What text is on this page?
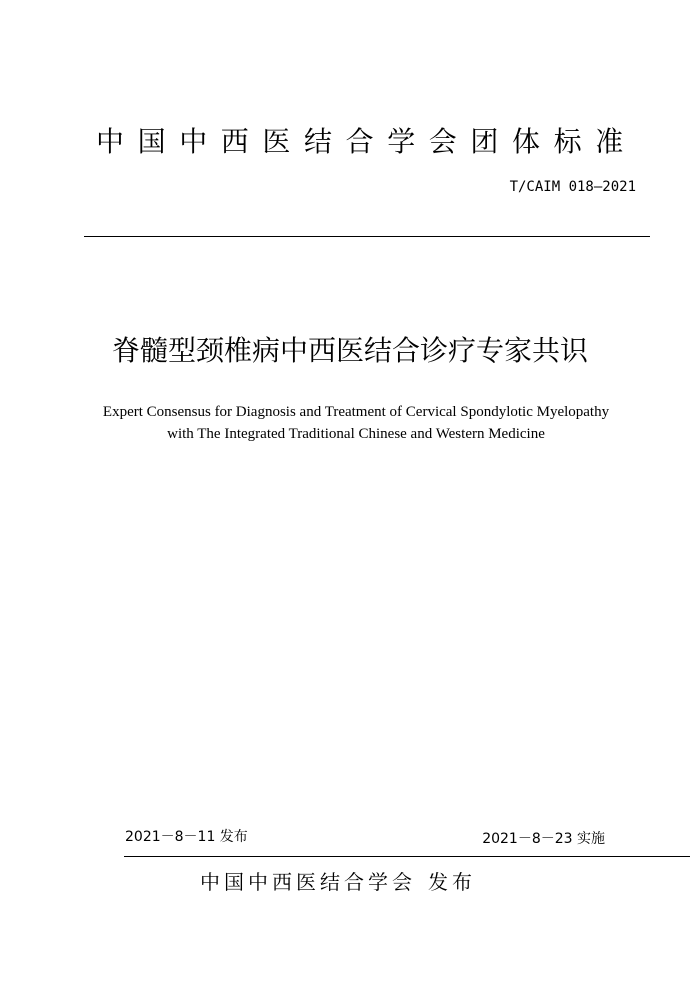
中国中西医结合学会团体标准
T/CAIM 018—2021
脊髓型颈椎病中西医结合诊疗专家共识
Expert Consensus for Diagnosis and Treatment of Cervical Spondylotic Myelopathy
with The Integrated Traditional Chinese and Western Medicine
2021－8－11 发布	2021－8－23 实施
中国中西医结合学会 发布
